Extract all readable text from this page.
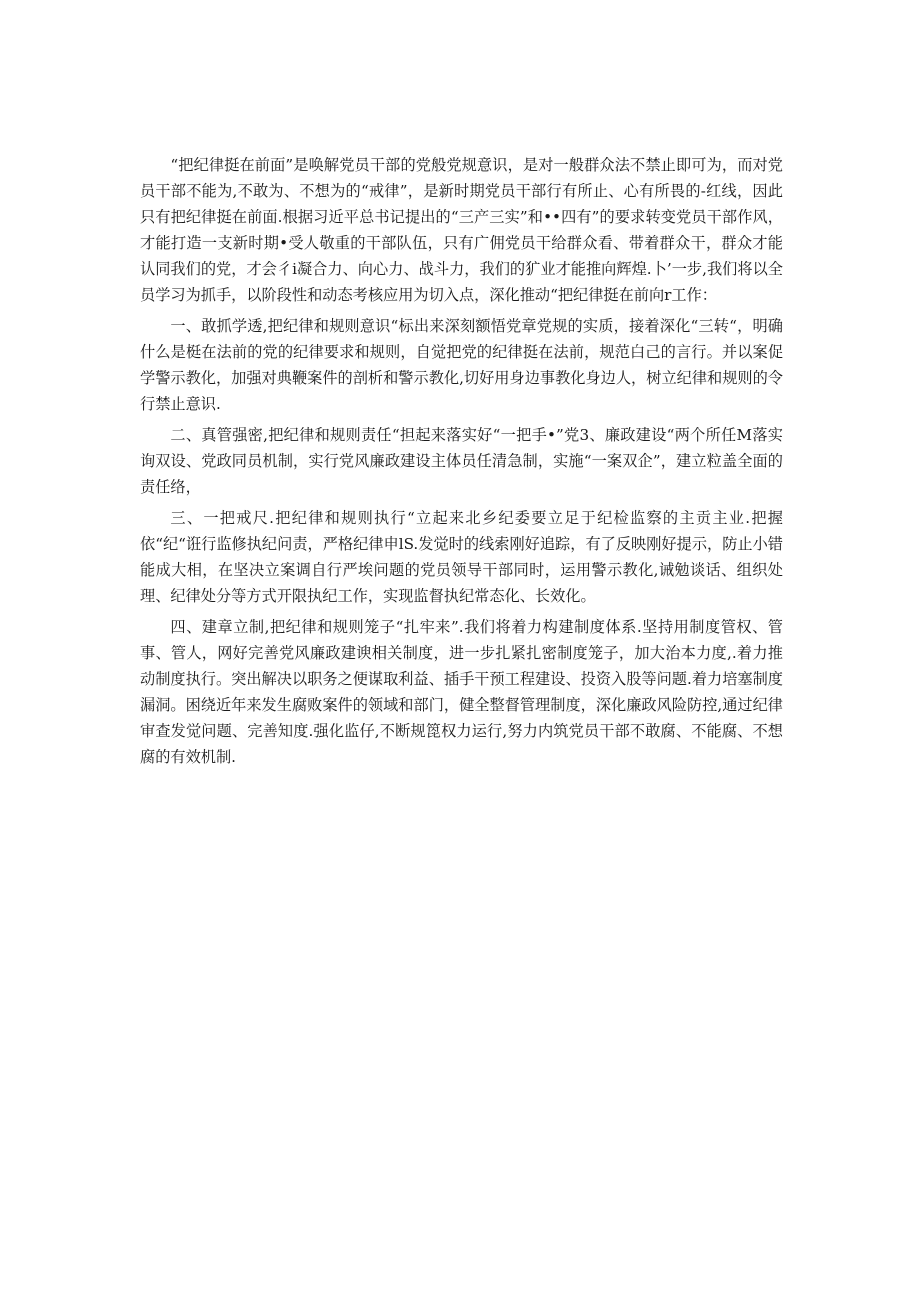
“把纪律挺在前面”是唤解党员干部的党般党规意识，是对一般群众法不禁止即可为，而对党员干部不能为,不敢为、不想为的“戒律”，是新时期党员干部行有所止、心有所畏的-红线，因此只有把纪律挺在前面.根据习近平总书记提出的“三产三实”和••四有”的要求转变党员干部作风，才能打造一支新时期•受人敬重的干部队伍，只有广佣党员干给群众看、带着群众干，群众才能认同我们的党，才会彳i凝合力、向心力、战斗力，我们的犷业才能推向辉煌.卜’一步,我们将以全员学习为抓手，以阶段性和动态考核应用为切入点，深化推动“把纪律挺在前向r工作：

一、敢抓学透,把纪律和规则意识“标出来深刻额悟党章党规的实质，接着深化“三转“，明确什么是梃在法前的党的纪律要求和规则，自觉把党的纪律挺在法前，规范白己的言行。并以案促学警示教化，加强对典鞭案件的剖析和警示教化,切好用身边事教化身边人，树立纪律和规则的令行禁止意识.

二、真管强密,把纪律和规则责任“担起来落实好“一把手•”党3、廉政建设“两个所任M落实询双设、党政同员机制，实行党风廉政建设主体员任清急制，实施“一案双企”，建立粒盖全面的责任络，

三、一把戒尺.把纪律和规则执行“立起来北乡纪委要立足于纪检监察的主贡主业.把握依“纪“诳行监修执纪问责，严格纪律申lS.发觉时的线索刚好追踪，有了反映刚好提示，防止小错能成大相，在坚决立案调自行严埃问题的党员领导干部同时，运用警示教化,诫勉谈话、组织处理、纪律处分等方式开限执纪工作，实现监督执纪常态化、长效化。

四、建章立制,把纪律和规则笼子“扎牢来”.我们将着力构建制度体系.坚持用制度管权、管事、管人，网好完善党风廉政建谀相关制度，进一步扎紧扎密制度笼子，加大治本力度,.着力推动制度执行。突出解决以职务之便谋取利益、插手干预工程建设、投资入股等问题.着力培塞制度漏洞。困绕近年来发生腐败案件的领域和部门，健全整督管理制度，深化廉政风险防控,通过纪律审查发觉问题、完善知度.强化监仔,不断规箆权力运行,努力内筑党员干部不敢腐、不能腐、不想腐的有效机制.
